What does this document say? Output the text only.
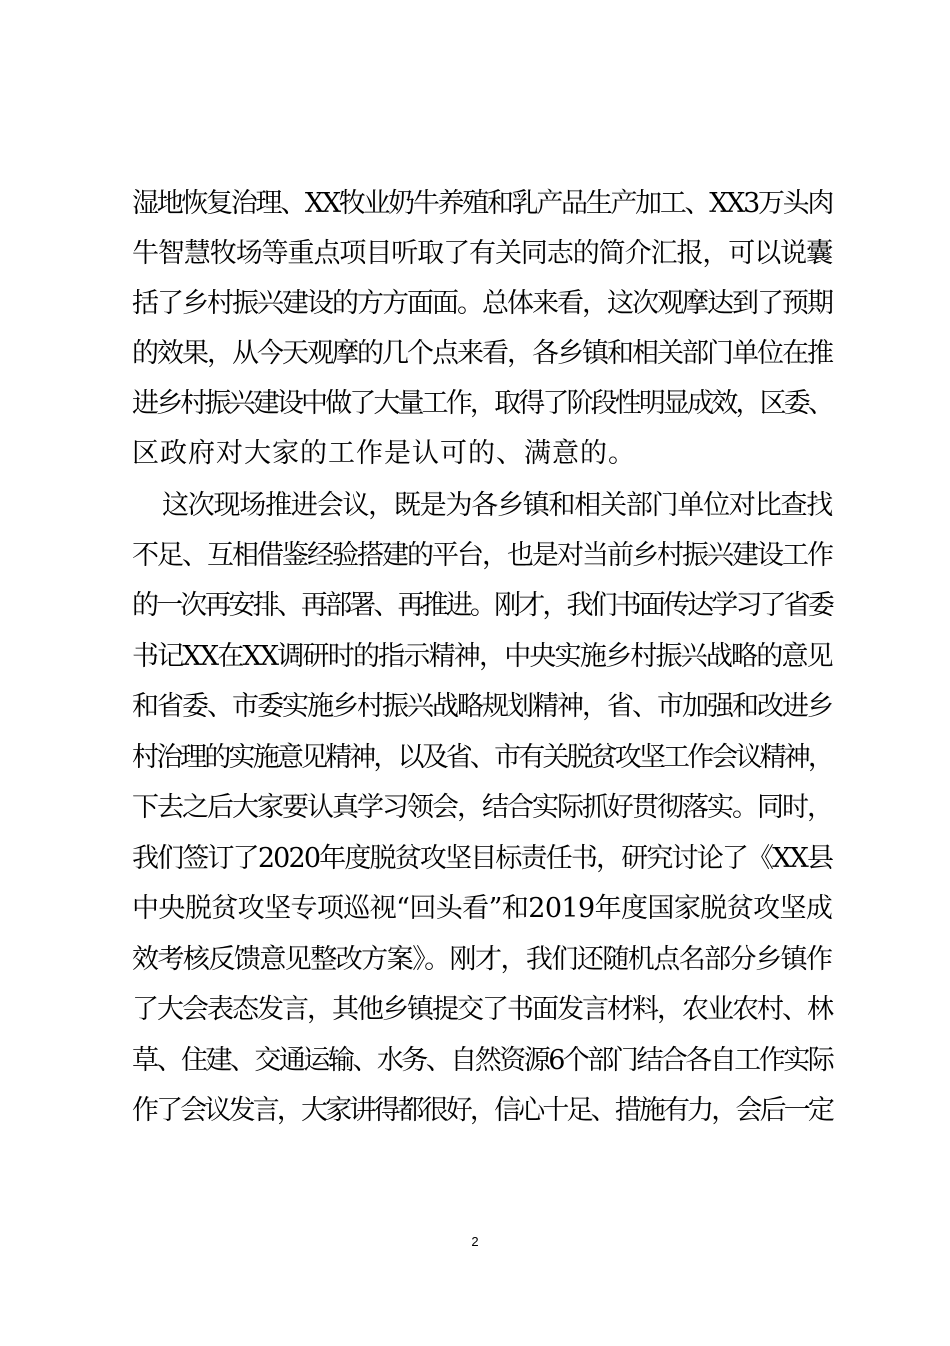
湿地恢复治理、XX牧业奶牛养殖和乳产品生产加工、XX3万头肉
牛智慧牧场等重点项目听取了有关同志的简介汇报，可以说囊
括了乡村振兴建设的方方面面。总体来看，这次观摩达到了预期
的效果，从今天观摩的几个点来看，各乡镇和相关部门单位在推
进乡村振兴建设中做了大量工作，取得了阶段性明显成效，区委、
区政府对大家的工作是认可的、满意的。
这次现场推进会议，既是为各乡镇和相关部门单位对比查找
不足、互相借鉴经验搭建的平台，也是对当前乡村振兴建设工作
的一次再安排、再部署、再推进。刚才，我们书面传达学习了省委
书记XX在XX调研时的指示精神，中央实施乡村振兴战略的意见
和省委、市委实施乡村振兴战略规划精神，省、市加强和改进乡
村治理的实施意见精神，以及省、市有关脱贫攻坚工作会议精神，
下去之后大家要认真学习领会，结合实际抓好贯彻落实。同时，
我们签订了2020年度脱贫攻坚目标责任书，研究讨论了《XX县
中央脱贫攻坚专项巡视“回头看”和2019年度国家脱贫攻坚成
效考核反馈意见整改方案》。刚才，我们还随机点名部分乡镇作
了大会表态发言，其他乡镇提交了书面发言材料，农业农村、林
草、住建、交通运输、水务、自然资源6个部门结合各自工作实际
作了会议发言，大家讲得都很好，信心十足、措施有力，会后一定
2
